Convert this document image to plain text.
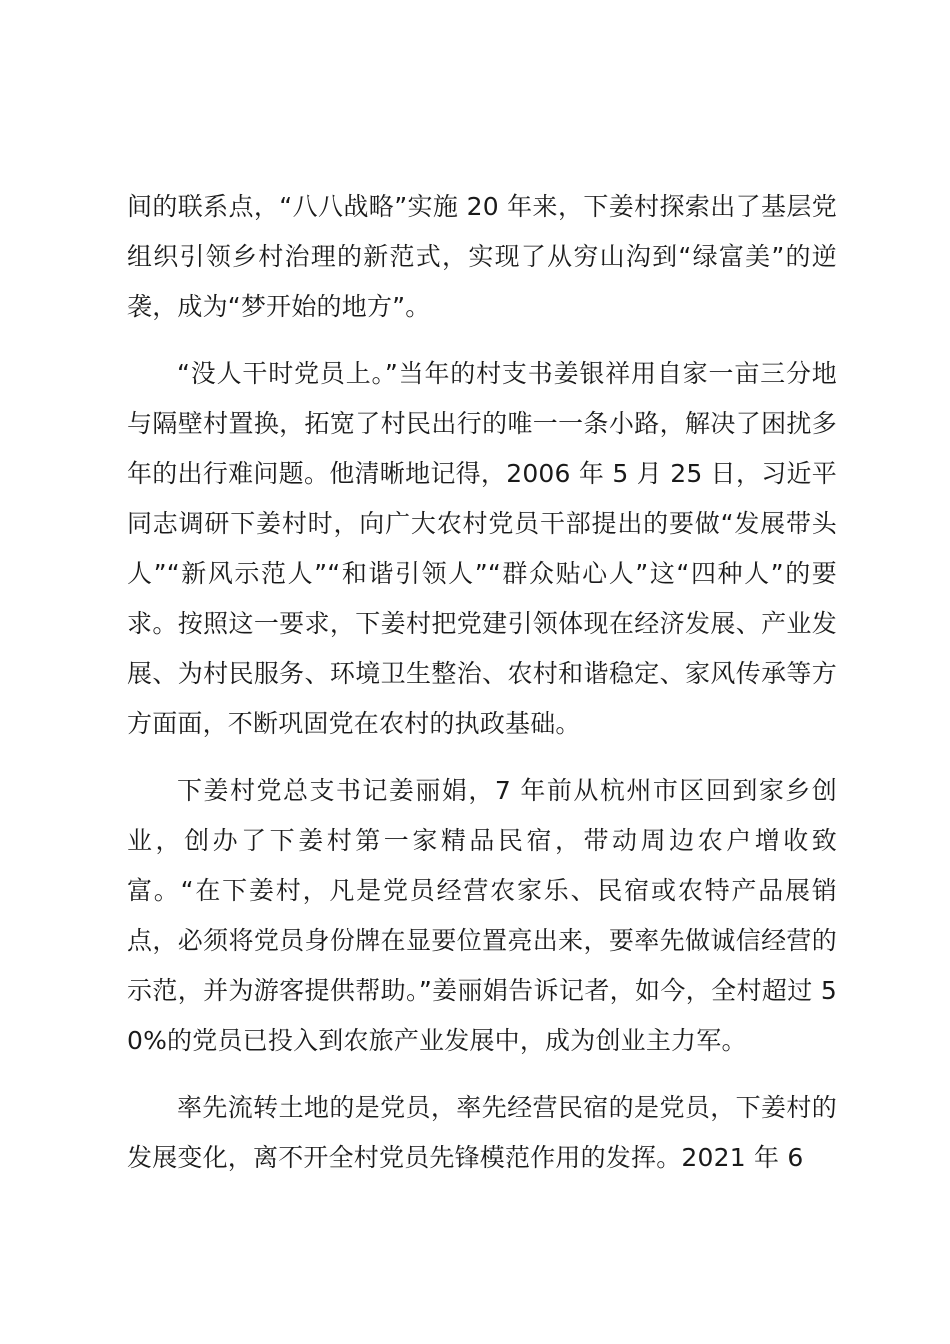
间的联系点，“八八战略”实施 20 年来，下姜村探索出了基层党组织引领乡村治理的新范式，实现了从穷山沟到“绿富美”的逆袭，成为“梦开始的地方”。

“没人干时党员上。”当年的村支书姜银祥用自家一亩三分地与隔壁村置换，拓宽了村民出行的唯一一条小路，解决了困扰多年的出行难问题。他清晰地记得，2006 年 5 月 25 日，习近平同志调研下姜村时，向广大农村党员干部提出的要做“发展带头人”“新风示范人”“和谐引领人”“群众贴心人”这“四种人”的要求。按照这一要求，下姜村把党建引领体现在经济发展、产业发展、为村民服务、环境卫生整治、农村和谐稳定、家风传承等方方面面，不断巩固党在农村的执政基础。

下姜村党总支书记姜丽娟，7 年前从杭州市区回到家乡创业，创办了下姜村第一家精品民宿，带动周边农户增收致富。“在下姜村，凡是党员经营农家乐、民宿或农特产品展销点，必须将党员身份牌在显要位置亮出来，要率先做诚信经营的示范，并为游客提供帮助。”姜丽娟告诉记者，如今，全村超过 50%的党员已投入到农旅产业发展中，成为创业主力军。

率先流转土地的是党员，率先经营民宿的是党员，下姜村的发展变化，离不开全村党员先锋模范作用的发挥。2021 年 6
